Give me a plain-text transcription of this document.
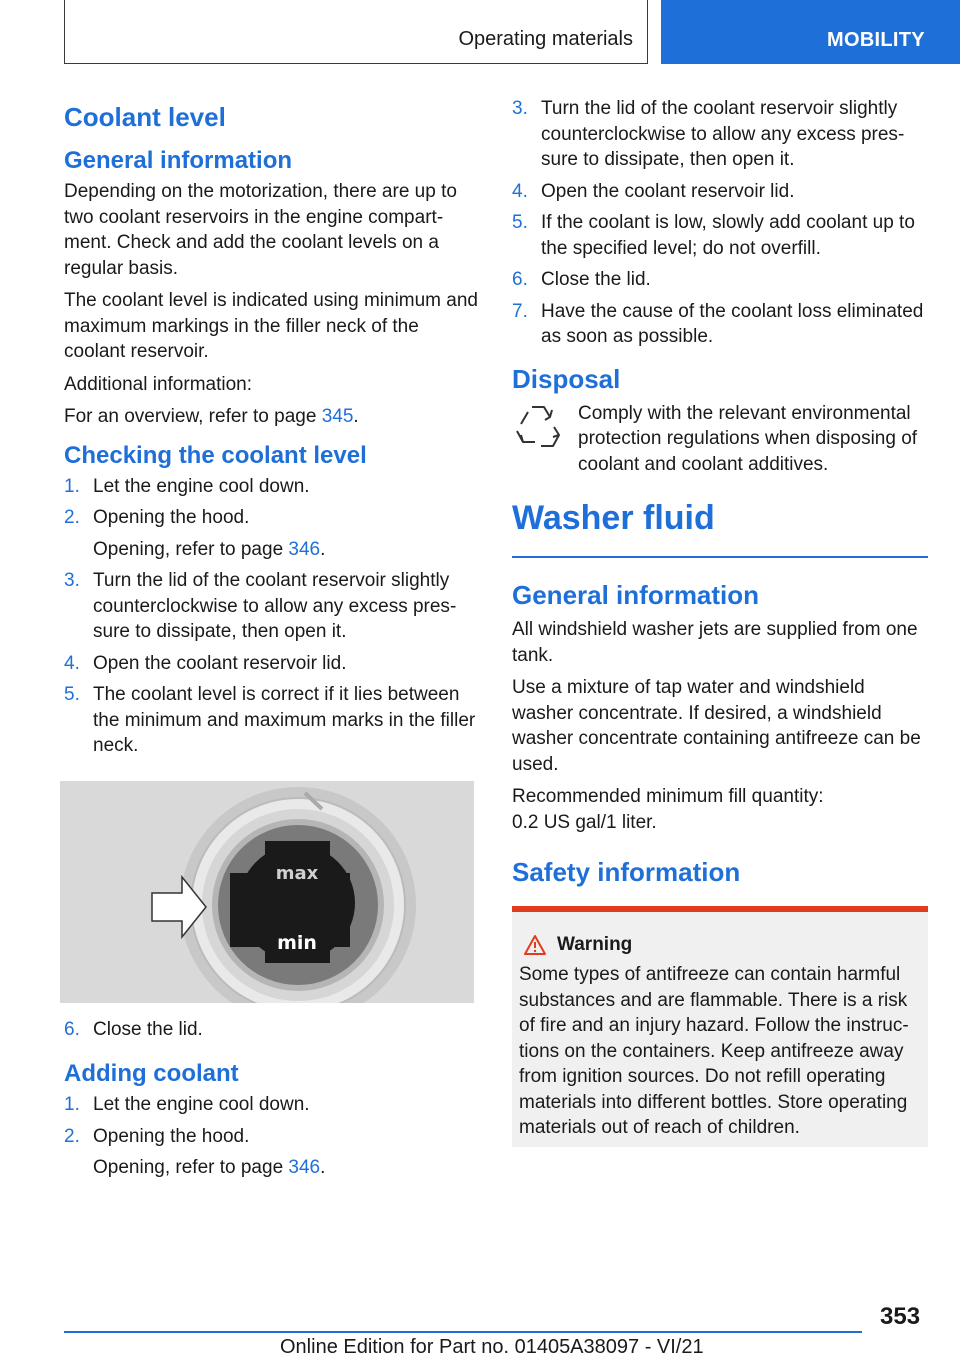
Operating materials	MOBILITY
Coolant level
General information

Depending on the motorization, there are up to two coolant reservoirs in the engine compartment. Check and add the coolant levels on a regular basis.

The coolant level is indicated using minimum and maximum markings in the filler neck of the coolant reservoir.

Additional information:

For an overview, refer to page 345.

Checking the coolant level
1. Let the engine cool down.
2. Opening the hood.
Opening, refer to page 346.
3. Turn the lid of the coolant reservoir slightly counterclockwise to allow any excess pressure to dissipate, then open it.
4. Open the coolant reservoir lid.
5. The coolant level is correct if it lies between the minimum and maximum marks in the filler neck.
max
min
6. Close the lid.
Adding coolant
1. Let the engine cool down.
2. Opening the hood.
Opening, refer to page 346.
3. Turn the lid of the coolant reservoir slightly counterclockwise to allow any excess pressure to dissipate, then open it.
4. Open the coolant reservoir lid.
5. If the coolant is low, slowly add coolant up to the specified level; do not overfill.
6. Close the lid.
7. Have the cause of the coolant loss eliminated as soon as possible.
Disposal

Comply with the relevant environmental protection regulations when disposing of coolant and coolant additives.

Washer fluid
General information

All windshield washer jets are supplied from one tank.

Use a mixture of tap water and windshield washer concentrate. If desired, a windshield washer concentrate containing antifreeze can be used.

Recommended minimum fill quantity:
0.2 US gal/1 liter.

Safety information
Warning

Some types of antifreeze can contain harmful substances and are flammable. There is a risk of fire and an injury hazard. Follow the instructions on the containers. Keep antifreeze away from ignition sources. Do not refill operating materials into different bottles. Store operating materials out of reach of children.

353
Online Edition for Part no. 01405A38097 - VI/21
